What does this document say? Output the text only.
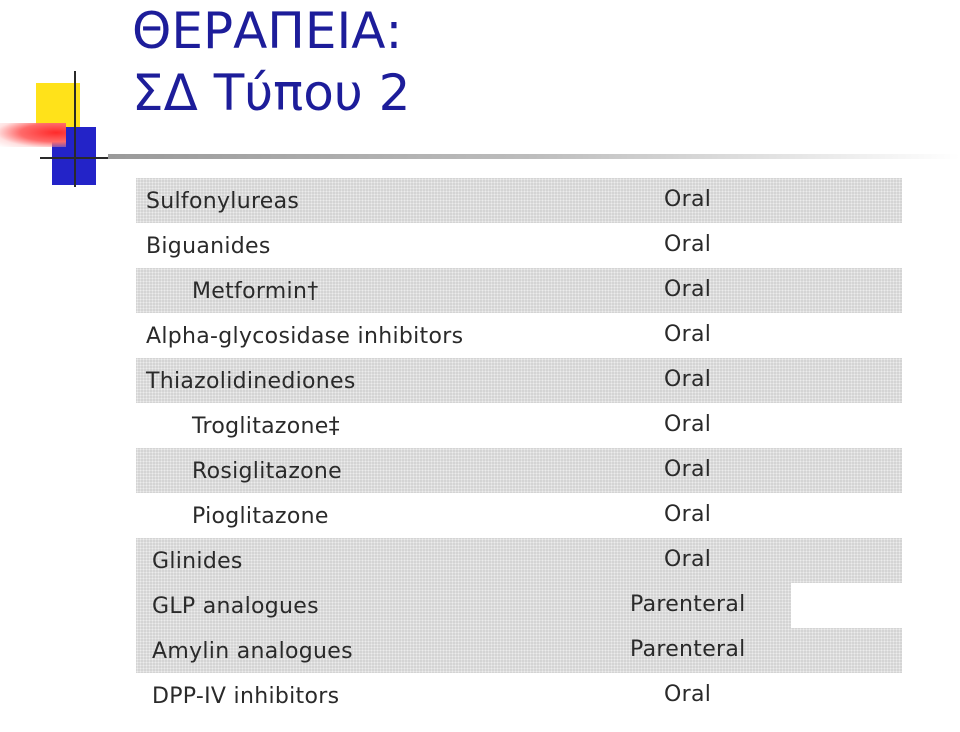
ΘΕΡΑΠΕΙΑ:
ΣΔ Τύπου 2
Sulfonylureas	Oral
Biguanides	Oral
Metformin†	Oral
Alpha-glycosidase inhibitors	Oral
Thiazolidinediones	Oral
Troglitazone‡	Oral
Rosiglitazone	Oral
Pioglitazone	Oral
Glinides	Oral
GLP analogues	Parenteral
Amylin analogues	Parenteral
DPP-IV inhibitors	Oral
